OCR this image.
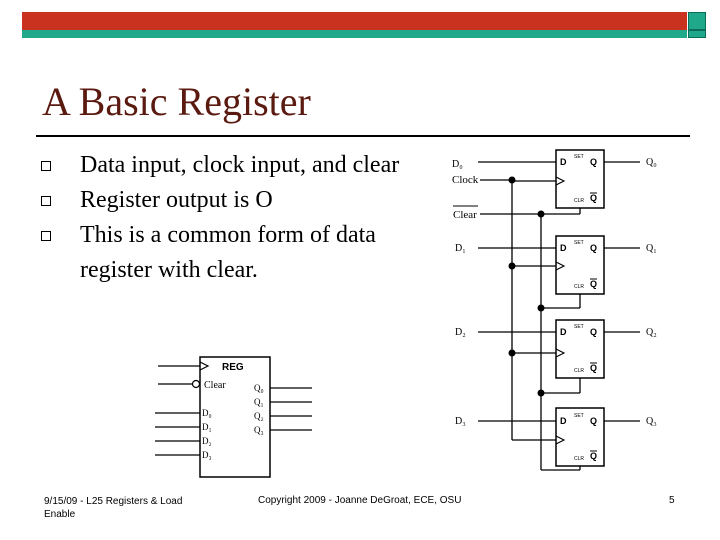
A Basic Register
Data input, clock input, and clear
Register output is O
This is a common form of data register with clear.
REG
Clear
D₀
D₁
D₂
D₃
Q₀
Q₁
Q₂
Q₃
D₀
Clock
Clear
D₁
D₂
D₃
D SET Q
CLR Q
D SET Q
CLR Q
D SET Q
CLR Q
D SET Q
CLR Q
Q₀
Q₁
Q₂
Q₃
9/15/09 - L25 Registers & Load Enable
Copyright 2009 - Joanne DeGroat, ECE, OSU	5
